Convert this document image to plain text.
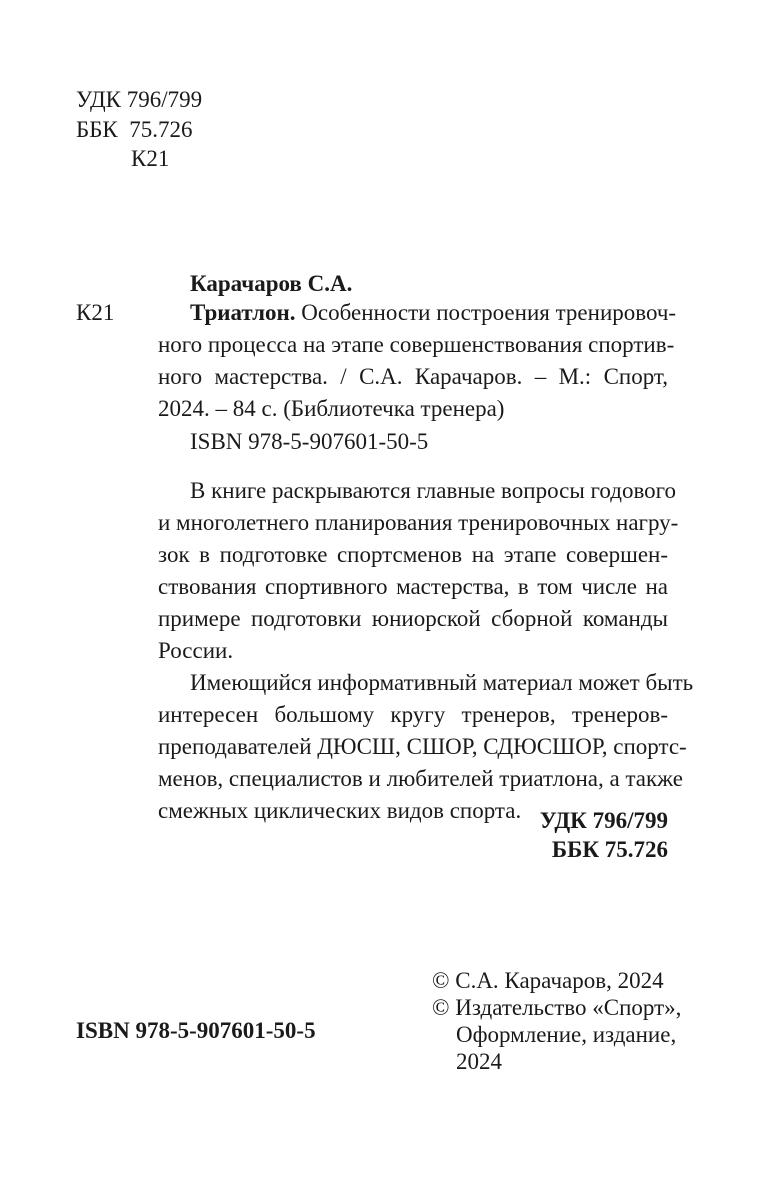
УДК 796/799
ББК  75.726
К21
Карачаров С.А.
К21	Триатлон. Особенности построения тренировоч-
ного процесса на этапе совершенствования спортив-
ного мастерства. / С.А. Карачаров. – М.: Спорт,
2024. – 84 с. (Библиотечка тренера)
ISBN 978-5-907601-50-5
В книге раскрываются главные вопросы годового
и многолетнего планирования тренировочных нагру-
зок в подготовке спортсменов на этапе совершен-
ствования спортивного мастерства, в том числе на
примере подготовки юниорской сборной команды
России.
Имеющийся информативный материал может быть
интересен большому кругу тренеров, тренеров-
преподавателей ДЮСШ, СШОР, СДЮСШОР, спортс-
менов, специалистов и любителей триатлона, а также
смежных циклических видов спорта. УДК 796/799
ББК 75.726
ISBN 978-5-907601-50-5
© С.А. Карачаров, 2024
© Издательство «Спорт»,
Оформление, издание,
2024
